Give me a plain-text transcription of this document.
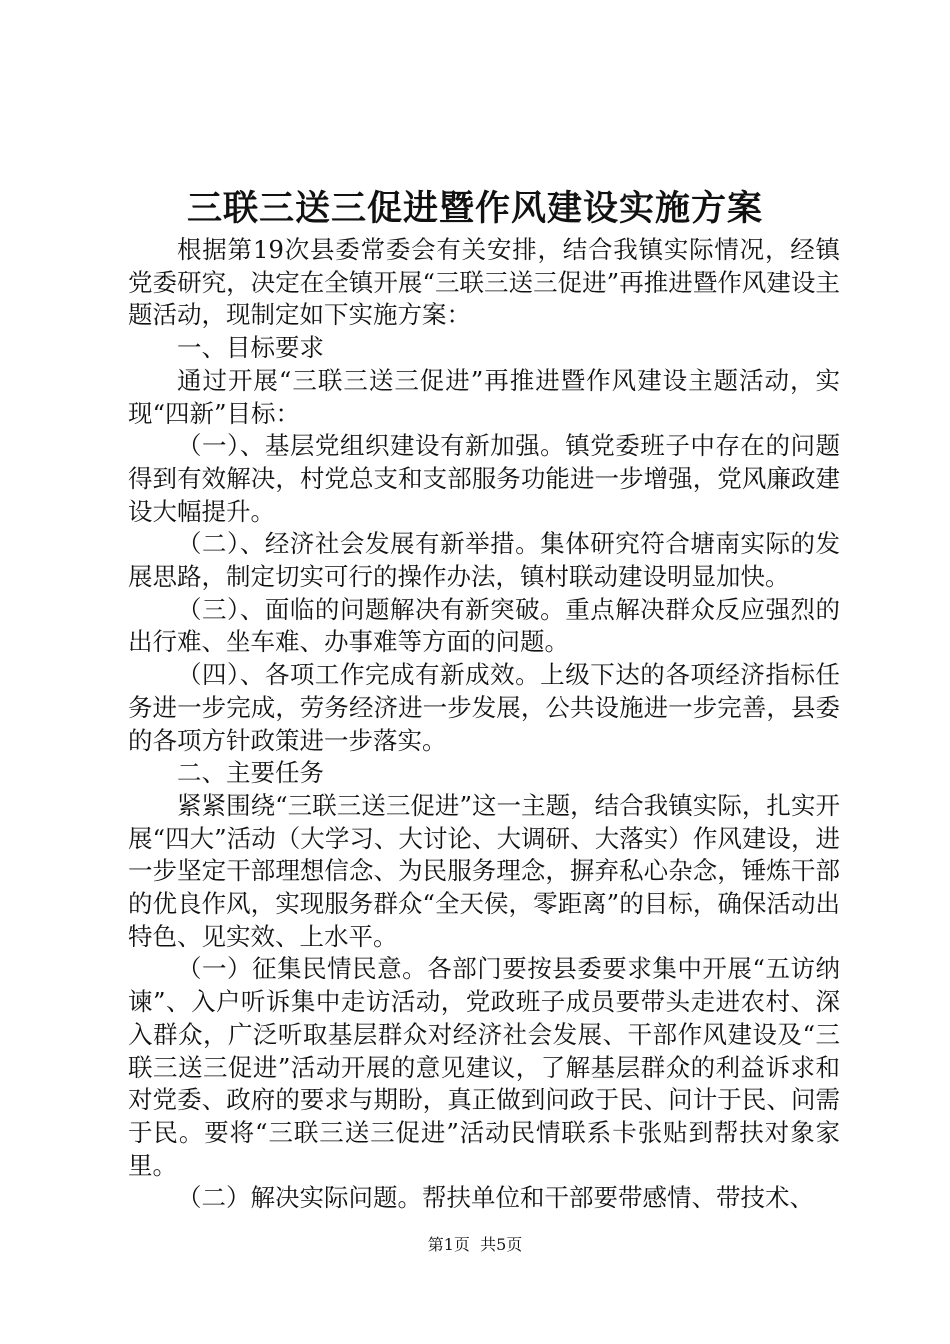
三联三送三促进暨作风建设实施方案

根据第19次县委常委会有关安排，结合我镇实际情况，经镇党委研究，决定在全镇开展“三联三送三促进”再推进暨作风建设主题活动，现制定如下实施方案：

一、目标要求

通过开展“三联三送三促进”再推进暨作风建设主题活动，实现“四新”目标：

（一）、基层党组织建设有新加强。镇党委班子中存在的问题得到有效解决，村党总支和支部服务功能进一步增强，党风廉政建设大幅提升。

（二）、经济社会发展有新举措。集体研究符合塘南实际的发展思路，制定切实可行的操作办法，镇村联动建设明显加快。

（三）、面临的问题解决有新突破。重点解决群众反应强烈的出行难、坐车难、办事难等方面的问题。

（四）、各项工作完成有新成效。上级下达的各项经济指标任务进一步完成，劳务经济进一步发展，公共设施进一步完善，县委的各项方针政策进一步落实。

二、主要任务

紧紧围绕“三联三送三促进”这一主题，结合我镇实际，扎实开展“四大”活动（大学习、大讨论、大调研、大落实）作风建设，进一步坚定干部理想信念、为民服务理念，摒弃私心杂念，锤炼干部的优良作风，实现服务群众“全天侯，零距离”的目标，确保活动出特色、见实效、上水平。

（一）征集民情民意。各部门要按县委要求集中开展“五访纳谏”、入户听诉集中走访活动，党政班子成员要带头走进农村、深入群众，广泛听取基层群众对经济社会发展、干部作风建设及“三联三送三促进”活动开展的意见建议，了解基层群众的利益诉求和对党委、政府的要求与期盼，真正做到问政于民、问计于民、问需于民。要将“三联三送三促进”活动民情联系卡张贴到帮扶对象家里。

（二）解决实际问题。帮扶单位和干部要带感情、带技术、

第1页 共5页
